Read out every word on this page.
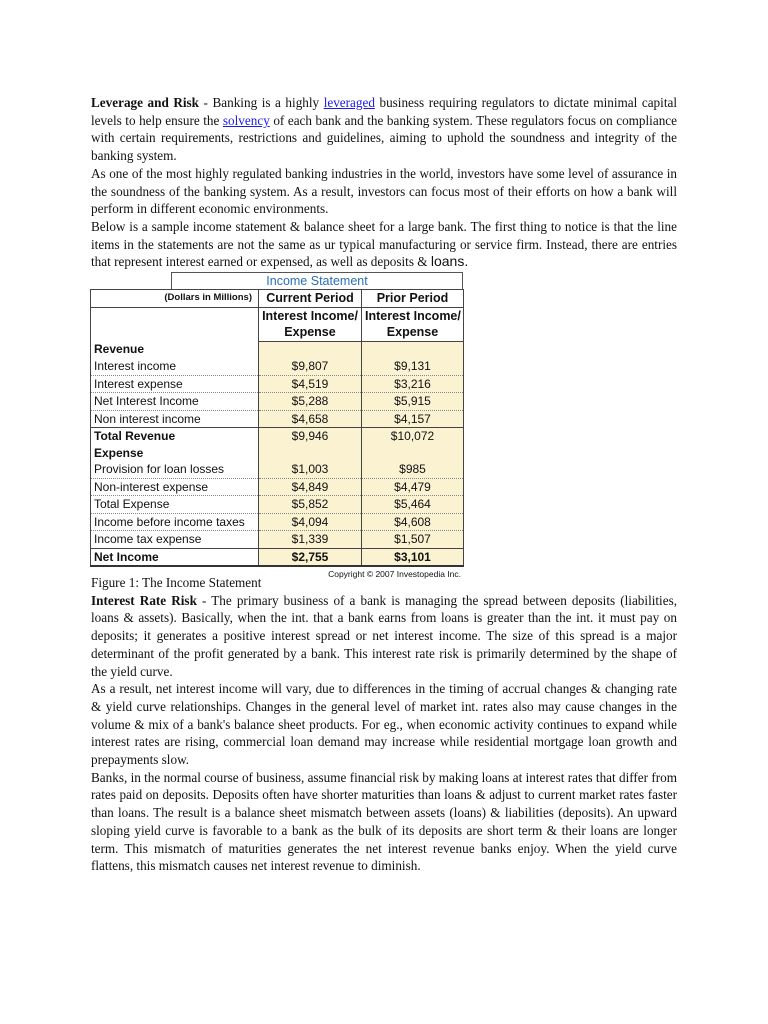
Leverage and Risk - Banking is a highly leveraged business requiring regulators to dictate minimal capital levels to help ensure the solvency of each bank and the banking system. These regulators focus on compliance with certain requirements, restrictions and guidelines, aiming to uphold the soundness and integrity of the banking system.

As one of the most highly regulated banking industries in the world, investors have some level of assurance in the soundness of the banking system. As a result, investors can focus most of their efforts on how a bank will perform in different economic environments.

Below is a sample income statement & balance sheet for a large bank. The first thing to notice is that the line items in the statements are not the same as ur typical manufacturing or service firm. Instead, there are entries that represent interest earned or expensed, as well as deposits & loans.

Income Statement
(Dollars in Millions)	Current Period	Prior Period
	Interest Income/	Interest Income/
	Expense	Expense
Revenue		
Interest income	$9,807	$9,131
Interest expense	$4,519	$3,216
Net Interest Income	$5,288	$5,915
Non interest income	$4,658	$4,157
Total Revenue	$9,946	$10,072
Expense		
Provision for loan losses	$1,003	$985
Non-interest expense	$4,849	$4,479
Total Expense	$5,852	$5,464
Income before income taxes	$4,094	$4,608
Income tax expense	$1,339	$1,507
Net Income	$2,755	$3,101
Copyright © 2007 Investopedia Inc.

Figure 1: The Income Statement

Interest Rate Risk - The primary business of a bank is managing the spread between deposits (liabilities, loans & assets). Basically, when the int. that a bank earns from loans is greater than the int. it must pay on deposits; it generates a positive interest spread or net interest income. The size of this spread is a major determinant of the profit generated by a bank. This interest rate risk is primarily determined by the shape of the yield curve.

As a result, net interest income will vary, due to differences in the timing of accrual changes & changing rate & yield curve relationships. Changes in the general level of market int. rates also may cause changes in the volume & mix of a bank's balance sheet products. For eg., when economic activity continues to expand while interest rates are rising, commercial loan demand may increase while residential mortgage loan growth and prepayments slow.

Banks, in the normal course of business, assume financial risk by making loans at interest rates that differ from rates paid on deposits. Deposits often have shorter maturities than loans & adjust to current market rates faster than loans. The result is a balance sheet mismatch between assets (loans) & liabilities (deposits). An upward sloping yield curve is favorable to a bank as the bulk of its deposits are short term & their loans are longer term. This mismatch of maturities generates the net interest revenue banks enjoy. When the yield curve flattens, this mismatch causes net interest revenue to diminish.
